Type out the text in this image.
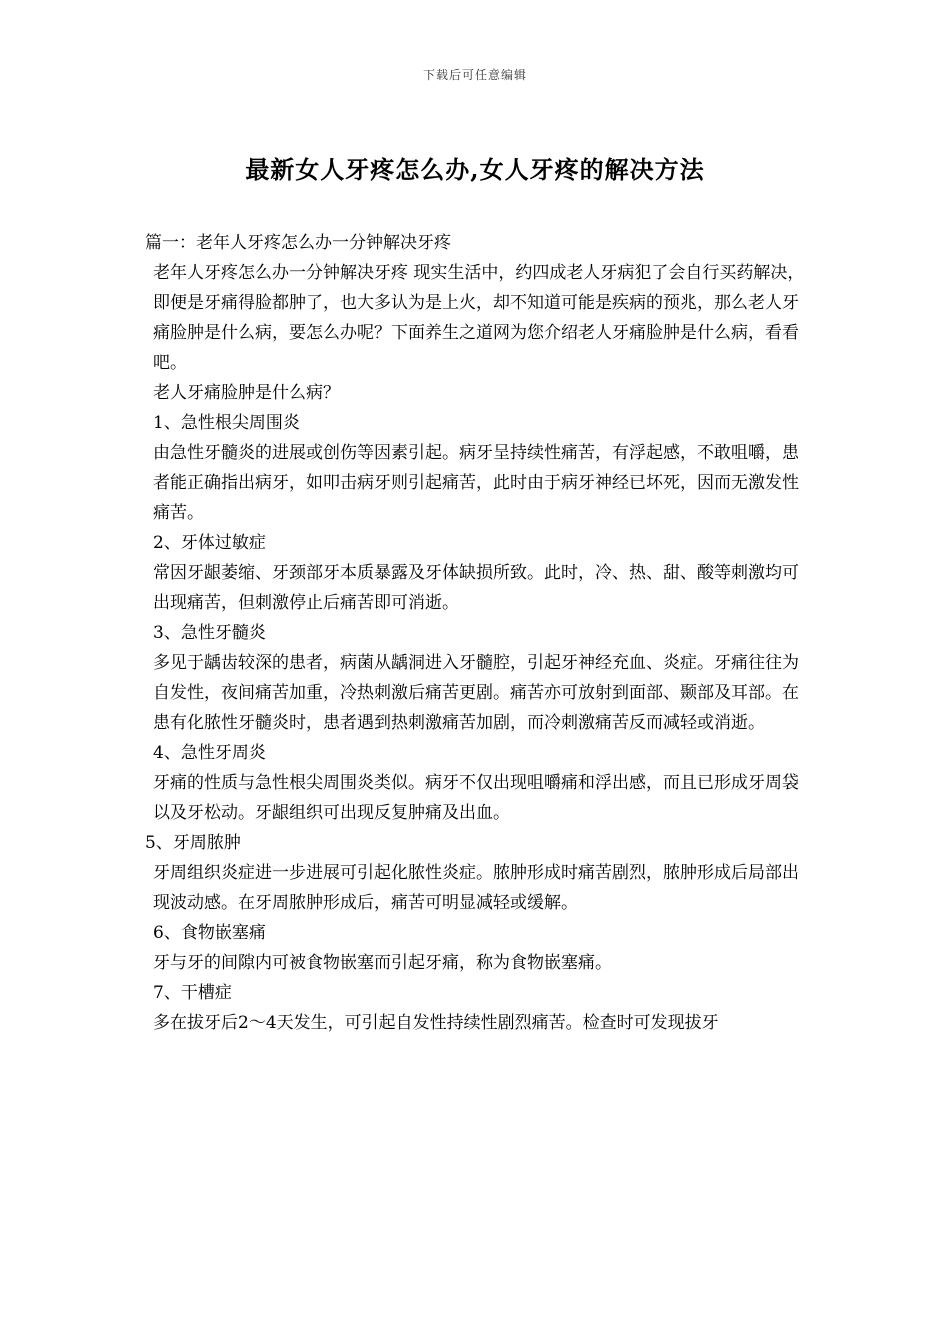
下载后可任意编辑
最新女人牙疼怎么办,女人牙疼的解决方法

篇一：老年人牙疼怎么办一分钟解决牙疼

老年人牙疼怎么办一分钟解决牙疼 现实生活中，约四成老人牙病犯了会自行买药解决，即便是牙痛得脸都肿了，也大多认为是上火，却不知道可能是疾病的预兆，那么老人牙痛脸肿是什么病，要怎么办呢？下面养生之道网为您介绍老人牙痛脸肿是什么病，看看吧。

老人牙痛脸肿是什么病？

1、急性根尖周围炎

由急性牙髓炎的进展或创伤等因素引起。病牙呈持续性痛苦，有浮起感，不敢咀嚼，患者能正确指出病牙，如叩击病牙则引起痛苦，此时由于病牙神经已坏死，因而无激发性痛苦。

2、牙体过敏症

常因牙龈萎缩、牙颈部牙本质暴露及牙体缺损所致。此时，冷、热、甜、酸等刺激均可出现痛苦，但刺激停止后痛苦即可消逝。

3、急性牙髓炎

多见于龋齿较深的患者，病菌从龋洞进入牙髓腔，引起牙神经充血、炎症。牙痛往往为自发性，夜间痛苦加重，冷热刺激后痛苦更剧。痛苦亦可放射到面部、颞部及耳部。在患有化脓性牙髓炎时，患者遇到热刺激痛苦加剧，而冷刺激痛苦反而减轻或消逝。

4、急性牙周炎

牙痛的性质与急性根尖周围炎类似。病牙不仅出现咀嚼痛和浮出感，而且已形成牙周袋以及牙松动。牙龈组织可出现反复肿痛及出血。

5、牙周脓肿

牙周组织炎症进一步进展可引起化脓性炎症。脓肿形成时痛苦剧烈，脓肿形成后局部出现波动感。在牙周脓肿形成后，痛苦可明显减轻或缓解。

6、食物嵌塞痛

牙与牙的间隙内可被食物嵌塞而引起牙痛，称为食物嵌塞痛。

7、干槽症

多在拔牙后2～4天发生，可引起自发性持续性剧烈痛苦。检查时可发现拔牙
